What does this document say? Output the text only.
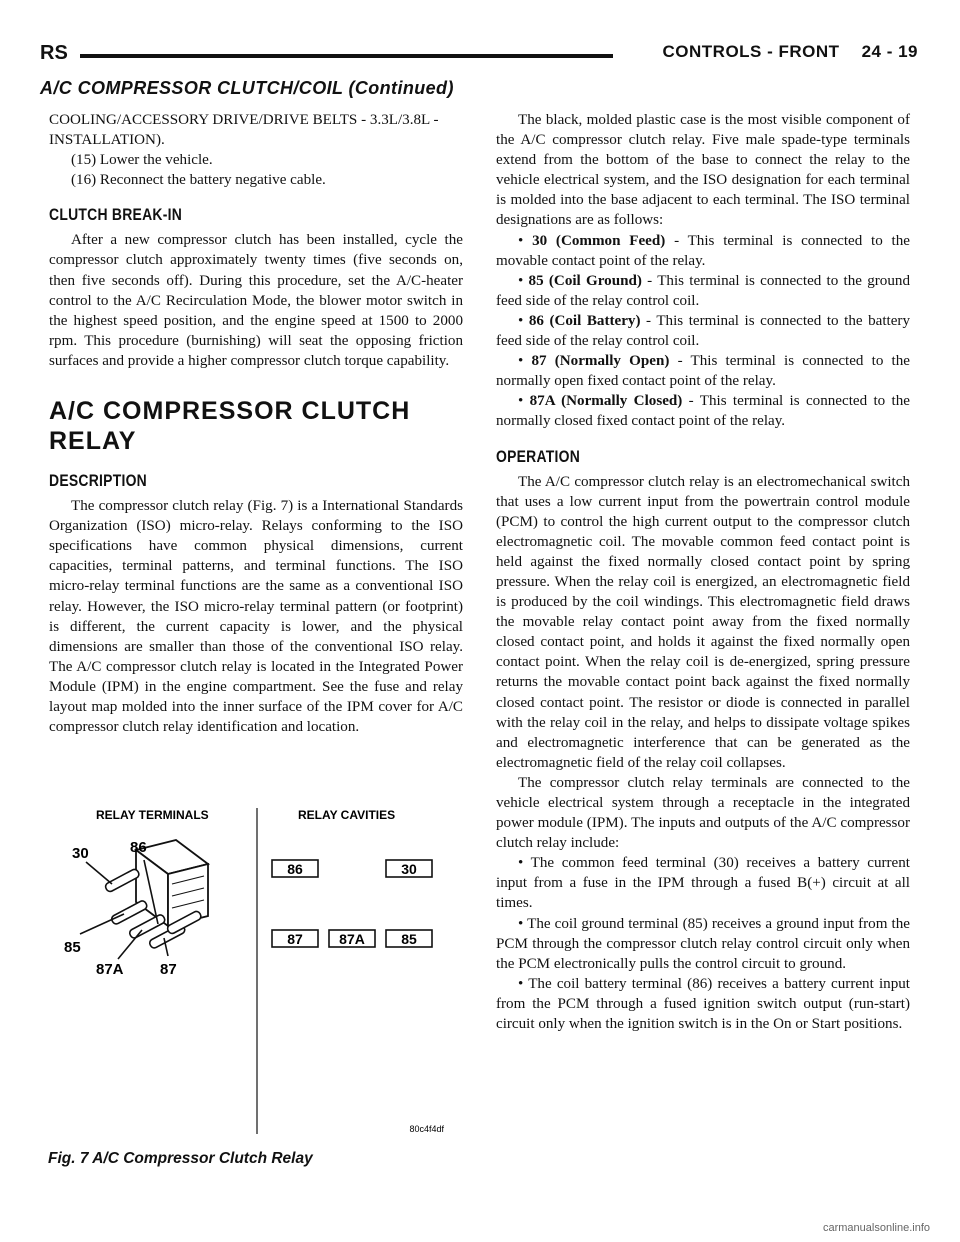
RS	CONTROLS - FRONT 24 - 19
A/C COMPRESSOR CLUTCH/COIL (Continued)

COOLING/ACCESSORY DRIVE/DRIVE BELTS - 3.3L/3.8L - INSTALLATION).

(15) Lower the vehicle.

(16) Reconnect the battery negative cable.

CLUTCH BREAK-IN

After a new compressor clutch has been installed, cycle the compressor clutch approximately twenty times (five seconds on, then five seconds off). During this procedure, set the A/C-heater control to the A/C Recirculation Mode, the blower motor switch in the highest speed position, and the engine speed at 1500 to 2000 rpm. This procedure (burnishing) will seat the opposing friction surfaces and provide a higher compressor clutch torque capability.

A/C COMPRESSOR CLUTCH RELAY
DESCRIPTION

The compressor clutch relay (Fig. 7) is a International Standards Organization (ISO) micro-relay. Relays conforming to the ISO specifications have common physical dimensions, current capacities, terminal patterns, and terminal functions. The ISO micro-relay terminal functions are the same as a conventional ISO relay. However, the ISO micro-relay terminal pattern (or footprint) is different, the current capacity is lower, and the physical dimensions are smaller than those of the conventional ISO relay. The A/C compressor clutch relay is located in the Integrated Power Module (IPM) in the engine compartment. See the fuse and relay layout map molded into the inner surface of the IPM cover for A/C compressor clutch relay identification and location.

RELAY TERMINALS	RELAY CAVITIES
30	86
85
87A 87
86	30
87	87A	85
80c4f4df
Fig. 7 A/C Compressor Clutch Relay

The black, molded plastic case is the most visible component of the A/C compressor clutch relay. Five male spade-type terminals extend from the bottom of the base to connect the relay to the vehicle electrical system, and the ISO designation for each terminal is molded into the base adjacent to each terminal. The ISO terminal designations are as follows:

• 30 (Common Feed) - This terminal is connected to the movable contact point of the relay.

• 85 (Coil Ground) - This terminal is connected to the ground feed side of the relay control coil.

• 86 (Coil Battery) - This terminal is connected to the battery feed side of the relay control coil.

• 87 (Normally Open) - This terminal is connected to the normally open fixed contact point of the relay.

• 87A (Normally Closed) - This terminal is connected to the normally closed fixed contact point of the relay.

OPERATION

The A/C compressor clutch relay is an electromechanical switch that uses a low current input from the powertrain control module (PCM) to control the high current output to the compressor clutch electromagnetic coil. The movable common feed contact point is held against the fixed normally closed contact point by spring pressure. When the relay coil is energized, an electromagnetic field is produced by the coil windings. This electromagnetic field draws the movable relay contact point away from the fixed normally closed contact point, and holds it against the fixed normally open contact point. When the relay coil is de-energized, spring pressure returns the movable contact point back against the fixed normally closed contact point. The resistor or diode is connected in parallel with the relay coil in the relay, and helps to dissipate voltage spikes and electromagnetic interference that can be generated as the electromagnetic field of the relay coil collapses.

The compressor clutch relay terminals are connected to the vehicle electrical system through a receptacle in the integrated power module (IPM). The inputs and outputs of the A/C compressor clutch relay include:

• The common feed terminal (30) receives a battery current input from a fuse in the IPM through a fused B(+) circuit at all times.

• The coil ground terminal (85) receives a ground input from the PCM through the compressor clutch relay control circuit only when the PCM electronically pulls the control circuit to ground.

• The coil battery terminal (86) receives a battery current input from the PCM through a fused ignition switch output (run-start) circuit only when the ignition switch is in the On or Start positions.

carmanualsonline.info
